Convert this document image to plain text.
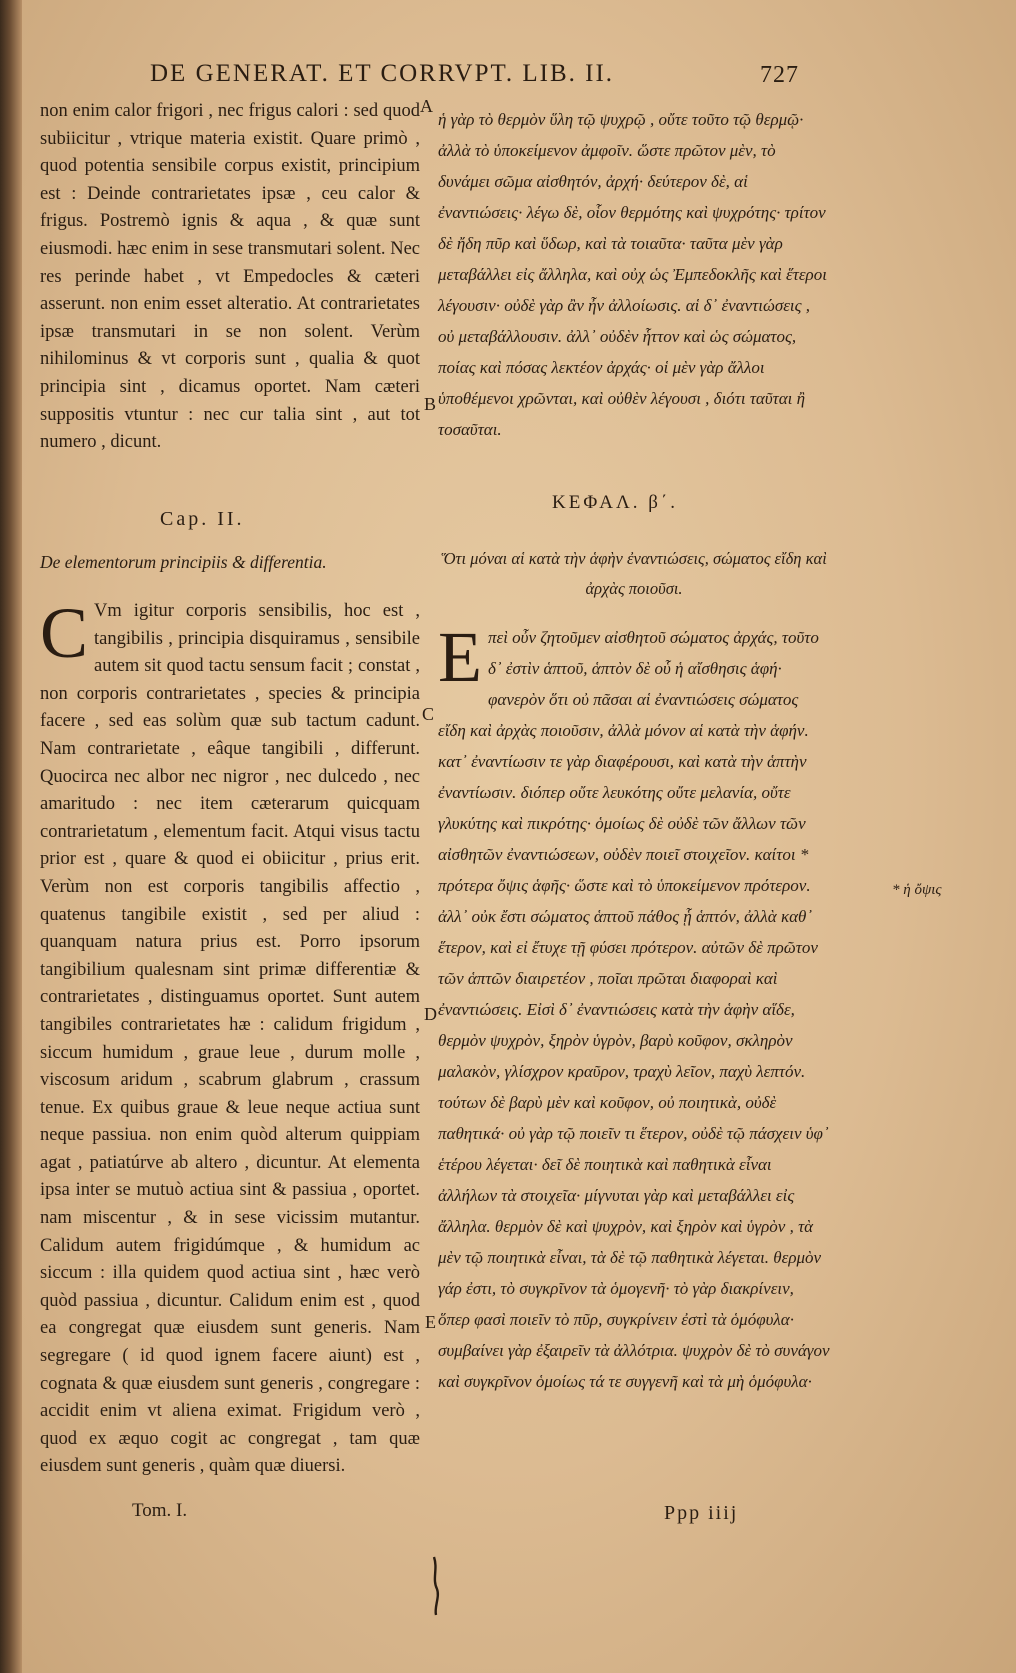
DE GENERAT. ET CORRVPT. LIB. II.	727

non enim calor frigori , nec frigus calori : sed quod subiicitur , vtrique materia existit. Quare primò , quod potentia sensibile corpus existit, principium est : Deinde contrarietates ipsæ , ceu calor & frigus. Postremò ignis & aqua , & quæ sunt eiusmodi. hæc enim in sese transmutari solent. Nec res perinde habet , vt Empedocles & cæteri asserunt. non enim esset alteratio. At contrarietates ipsæ transmutari in se non solent. Verùm nihilominus & vt corporis sunt , qualia & quot principia sint , dicamus oportet. Nam cæteri suppositis vtuntur : nec cur talia sint , aut tot numero , dicunt.

Cap. II.
De elementorum principiis & differentia.

C Vm igitur corporis sensibilis, hoc est , tangibilis , principia disquiramus , sensibile autem sit quod tactu sensum facit ; constat , non corporis contrarietates , species & principia facere , sed eas solùm quæ sub tactum cadunt. Nam contrarietate , eâque tangibili , differunt. Quocirca nec albor nec nigror , nec dulcedo , nec amaritudo : nec item cæterarum quicquam contrarietatum , elementum facit. Atqui visus tactu prior est , quare & quod ei obiicitur , prius erit. Verùm non est corporis tangibilis affectio , quatenus tangibile existit , sed per aliud : quanquam natura prius est. Porro ipsorum tangibilium qualesnam sint primæ differentiæ & contrarietates , distinguamus oportet. Sunt autem tangibiles contrarietates hæ : calidum frigidum , siccum humidum , graue leue , durum molle , viscosum aridum , scabrum glabrum , crassum tenue. Ex quibus graue & leue neque actiua sunt neque passiua. non enim quòd alterum quippiam agat , patiatúrve ab altero , dicuntur. At elementa ipsa inter se mutuò actiua sint & passiua , oportet. nam miscentur , & in sese vicissim mutantur. Calidum autem frigidúmque , & humidum ac siccum : illa quidem quod actiua sint , hæc verò quòd passiua , dicuntur. Calidum enim est , quod ea congregat quæ eiusdem sunt generis. Nam segregare ( id quod ignem facere aiunt) est , cognata & quæ eiusdem sunt generis , congregare : accidit enim vt aliena eximat. Frigidum verò , quod ex æquo cogit ac congregat , tam quæ eiusdem sunt generis , quàm quæ diuersi.

ἡ γὰρ τὸ θερμὸν ὕλη τῷ ψυχρῷ , οὔτε τοῦτο τῷ θερμῷ· ἀλλὰ τὸ ὑποκείμενον ἀμφοῖν. ὥστε πρῶτον μὲν, τὸ δυνάμει σῶμα αἰσθητόν, ἀρχή· δεύτερον δὲ, αἱ ἐναντιώσεις· λέγω δὲ, οἷον θερμότης καὶ ψυχρότης· τρίτον δὲ ἤδη πῦρ καὶ ὕδωρ, καὶ τὰ τοιαῦτα· ταῦτα μὲν γὰρ μεταβάλλει εἰς ἄλληλα, καὶ οὐχ ὡς Ἐμπεδοκλῆς καὶ ἕτεροι λέγουσιν· οὐδὲ γὰρ ἂν ἦν ἀλλοίωσις. αἱ δ᾽ ἐναντιώσεις , οὐ μεταβάλλουσιν. ἀλλ᾽ οὐδὲν ἧττον καὶ ὡς σώματος, ποίας καὶ πόσας λεκτέον ἀρχάς· οἱ μὲν γὰρ ἄλλοι ὑποθέμενοι χρῶνται, καὶ οὐθὲν λέγουσι , διότι ταῦται ἢ τοσαῦται.

ΚΕΦΑΛ. β΄.
Ὅτι μόναι αἱ κατὰ τὴν ἁφὴν ἐναντιώσεις, σώματος εἴδη καὶ ἀρχὰς ποιοῦσι.

Ε πεὶ οὖν ζητοῦμεν αἰσθητοῦ σώματος ἀρχάς, τοῦτο δ᾽ ἐστὶν ἁπτοῦ, ἁπτὸν δὲ οὗ ἡ αἴσθησις ἁφή· φανερὸν ὅτι οὐ πᾶσαι αἱ ἐναντιώσεις σώματος εἴδη καὶ ἀρχὰς ποιοῦσιν, ἀλλὰ μόνον αἱ κατὰ τὴν ἁφήν. κατ᾽ ἐναντίωσιν τε γὰρ διαφέρουσι, καὶ κατὰ τὴν ἁπτὴν ἐναντίωσιν. διόπερ οὔτε λευκότης οὔτε μελανία, οὔτε γλυκύτης καὶ πικρότης· ὁμοίως δὲ οὐδὲ τῶν ἄλλων τῶν αἰσθητῶν ἐναντιώσεων, οὐδὲν ποιεῖ στοιχεῖον. καίτοι * πρότερα ὄψις ἁφῆς· ὥστε καὶ τὸ ὑποκείμενον πρότερον. ἀλλ᾽ οὐκ ἔστι σώματος ἁπτοῦ πάθος ᾗ ἁπτόν, ἀλλὰ καθ᾽ ἕτερον, καὶ εἰ ἔτυχε τῇ φύσει πρότερον. αὐτῶν δὲ πρῶτον τῶν ἁπτῶν διαιρετέον , ποῖαι πρῶται διαφοραὶ καὶ ἐναντιώσεις. Εἰσὶ δ᾽ ἐναντιώσεις κατὰ τὴν ἁφὴν αἵδε, θερμὸν ψυχρὸν, ξηρὸν ὑγρὸν, βαρὺ κοῦφον, σκληρὸν μαλακὸν, γλίσχρον κραῦρον, τραχὺ λεῖον, παχὺ λεπτόν. τούτων δὲ βαρὺ μὲν καὶ κοῦφον, οὐ ποιητικὰ, οὐδὲ παθητικά· οὐ γὰρ τῷ ποιεῖν τι ἕτερον, οὐδὲ τῷ πάσχειν ὑφ᾽ ἑτέρου λέγεται· δεῖ δὲ ποιητικὰ καὶ παθητικὰ εἶναι ἀλλήλων τὰ στοιχεῖα· μίγνυται γὰρ καὶ μεταβάλλει εἰς ἄλληλα. θερμὸν δὲ καὶ ψυχρὸν, καὶ ξηρὸν καὶ ὑγρὸν , τὰ μὲν τῷ ποιητικὰ εἶναι, τὰ δὲ τῷ παθητικὰ λέγεται. θερμὸν γάρ ἐστι, τὸ συγκρῖνον τὰ ὁμογενῆ· τὸ γὰρ διακρίνειν, ὅπερ φασὶ ποιεῖν τὸ πῦρ, συγκρίνειν ἐστὶ τὰ ὁμόφυλα· συμβαίνει γὰρ ἐξαιρεῖν τὰ ἀλλότρια. ψυχρὸν δὲ τὸ συνάγον καὶ συγκρῖνον ὁμοίως τά τε συγγενῆ καὶ τὰ μὴ ὁμόφυλα·

A
B
C
D
E
* ἡ ὄψις
Tom. I.	Ppp iiij
